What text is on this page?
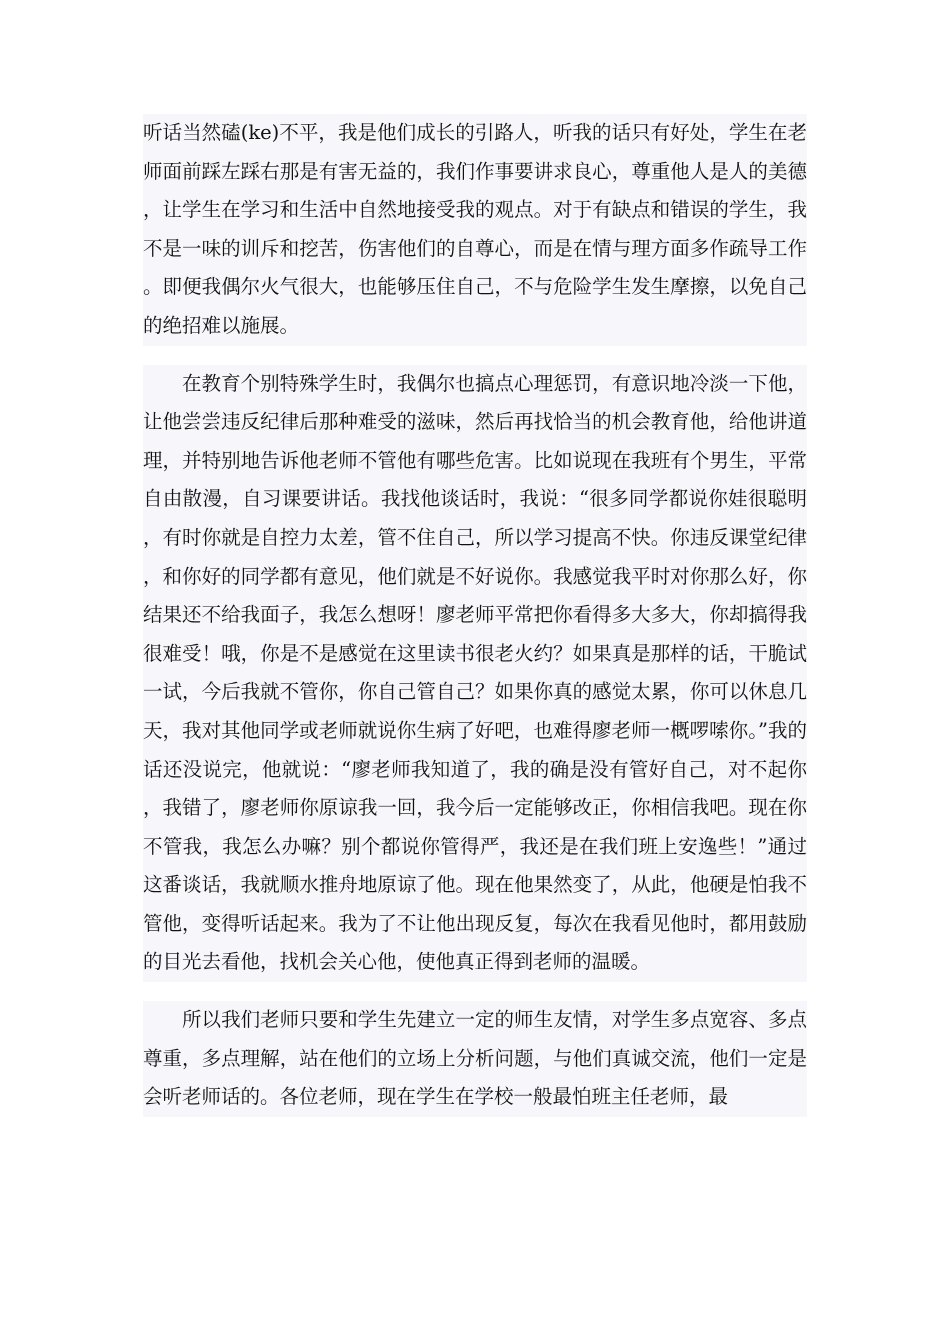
听话当然磕(ke)不平，我是他们成长的引路人，听我的话只有好处，学生在老师面前踩左踩右那是有害无益的，我们作事要讲求良心，尊重他人是人的美德，让学生在学习和生活中自然地接受我的观点。对于有缺点和错误的学生，我不是一味的训斥和挖苦，伤害他们的自尊心，而是在情与理方面多作疏导工作。即便我偶尔火气很大，也能够压住自己，不与危险学生发生摩擦，以免自己的绝招难以施展。

在教育个别特殊学生时，我偶尔也搞点心理惩罚，有意识地冷淡一下他，让他尝尝违反纪律后那种难受的滋味，然后再找恰当的机会教育他，给他讲道理，并特别地告诉他老师不管他有哪些危害。比如说现在我班有个男生，平常自由散漫，自习课要讲话。我找他谈话时，我说：“很多同学都说你娃很聪明，有时你就是自控力太差，管不住自己，所以学习提高不快。你违反课堂纪律，和你好的同学都有意见，他们就是不好说你。我感觉我平时对你那么好，你结果还不给我面子，我怎么想呀！廖老师平常把你看得多大多大，你却搞得我很难受！哦，你是不是感觉在这里读书很老火约？如果真是那样的话，干脆试一试，今后我就不管你，你自己管自己？如果你真的感觉太累，你可以休息几天，我对其他同学或老师就说你生病了好吧，也难得廖老师一概啰嗦你。”我的话还没说完，他就说：“廖老师我知道了，我的确是没有管好自己，对不起你，我错了，廖老师你原谅我一回，我今后一定能够改正，你相信我吧。现在你不管我，我怎么办嘛？别个都说你管得严，我还是在我们班上安逸些！”通过这番谈话，我就顺水推舟地原谅了他。现在他果然变了，从此，他硬是怕我不管他，变得听话起来。我为了不让他出现反复，每次在我看见他时，都用鼓励的目光去看他，找机会关心他，使他真正得到老师的温暖。

所以我们老师只要和学生先建立一定的师生友情，对学生多点宽容、多点尊重，多点理解，站在他们的立场上分析问题，与他们真诚交流，他们一定是会听老师话的。各位老师，现在学生在学校一般最怕班主任老师，最
